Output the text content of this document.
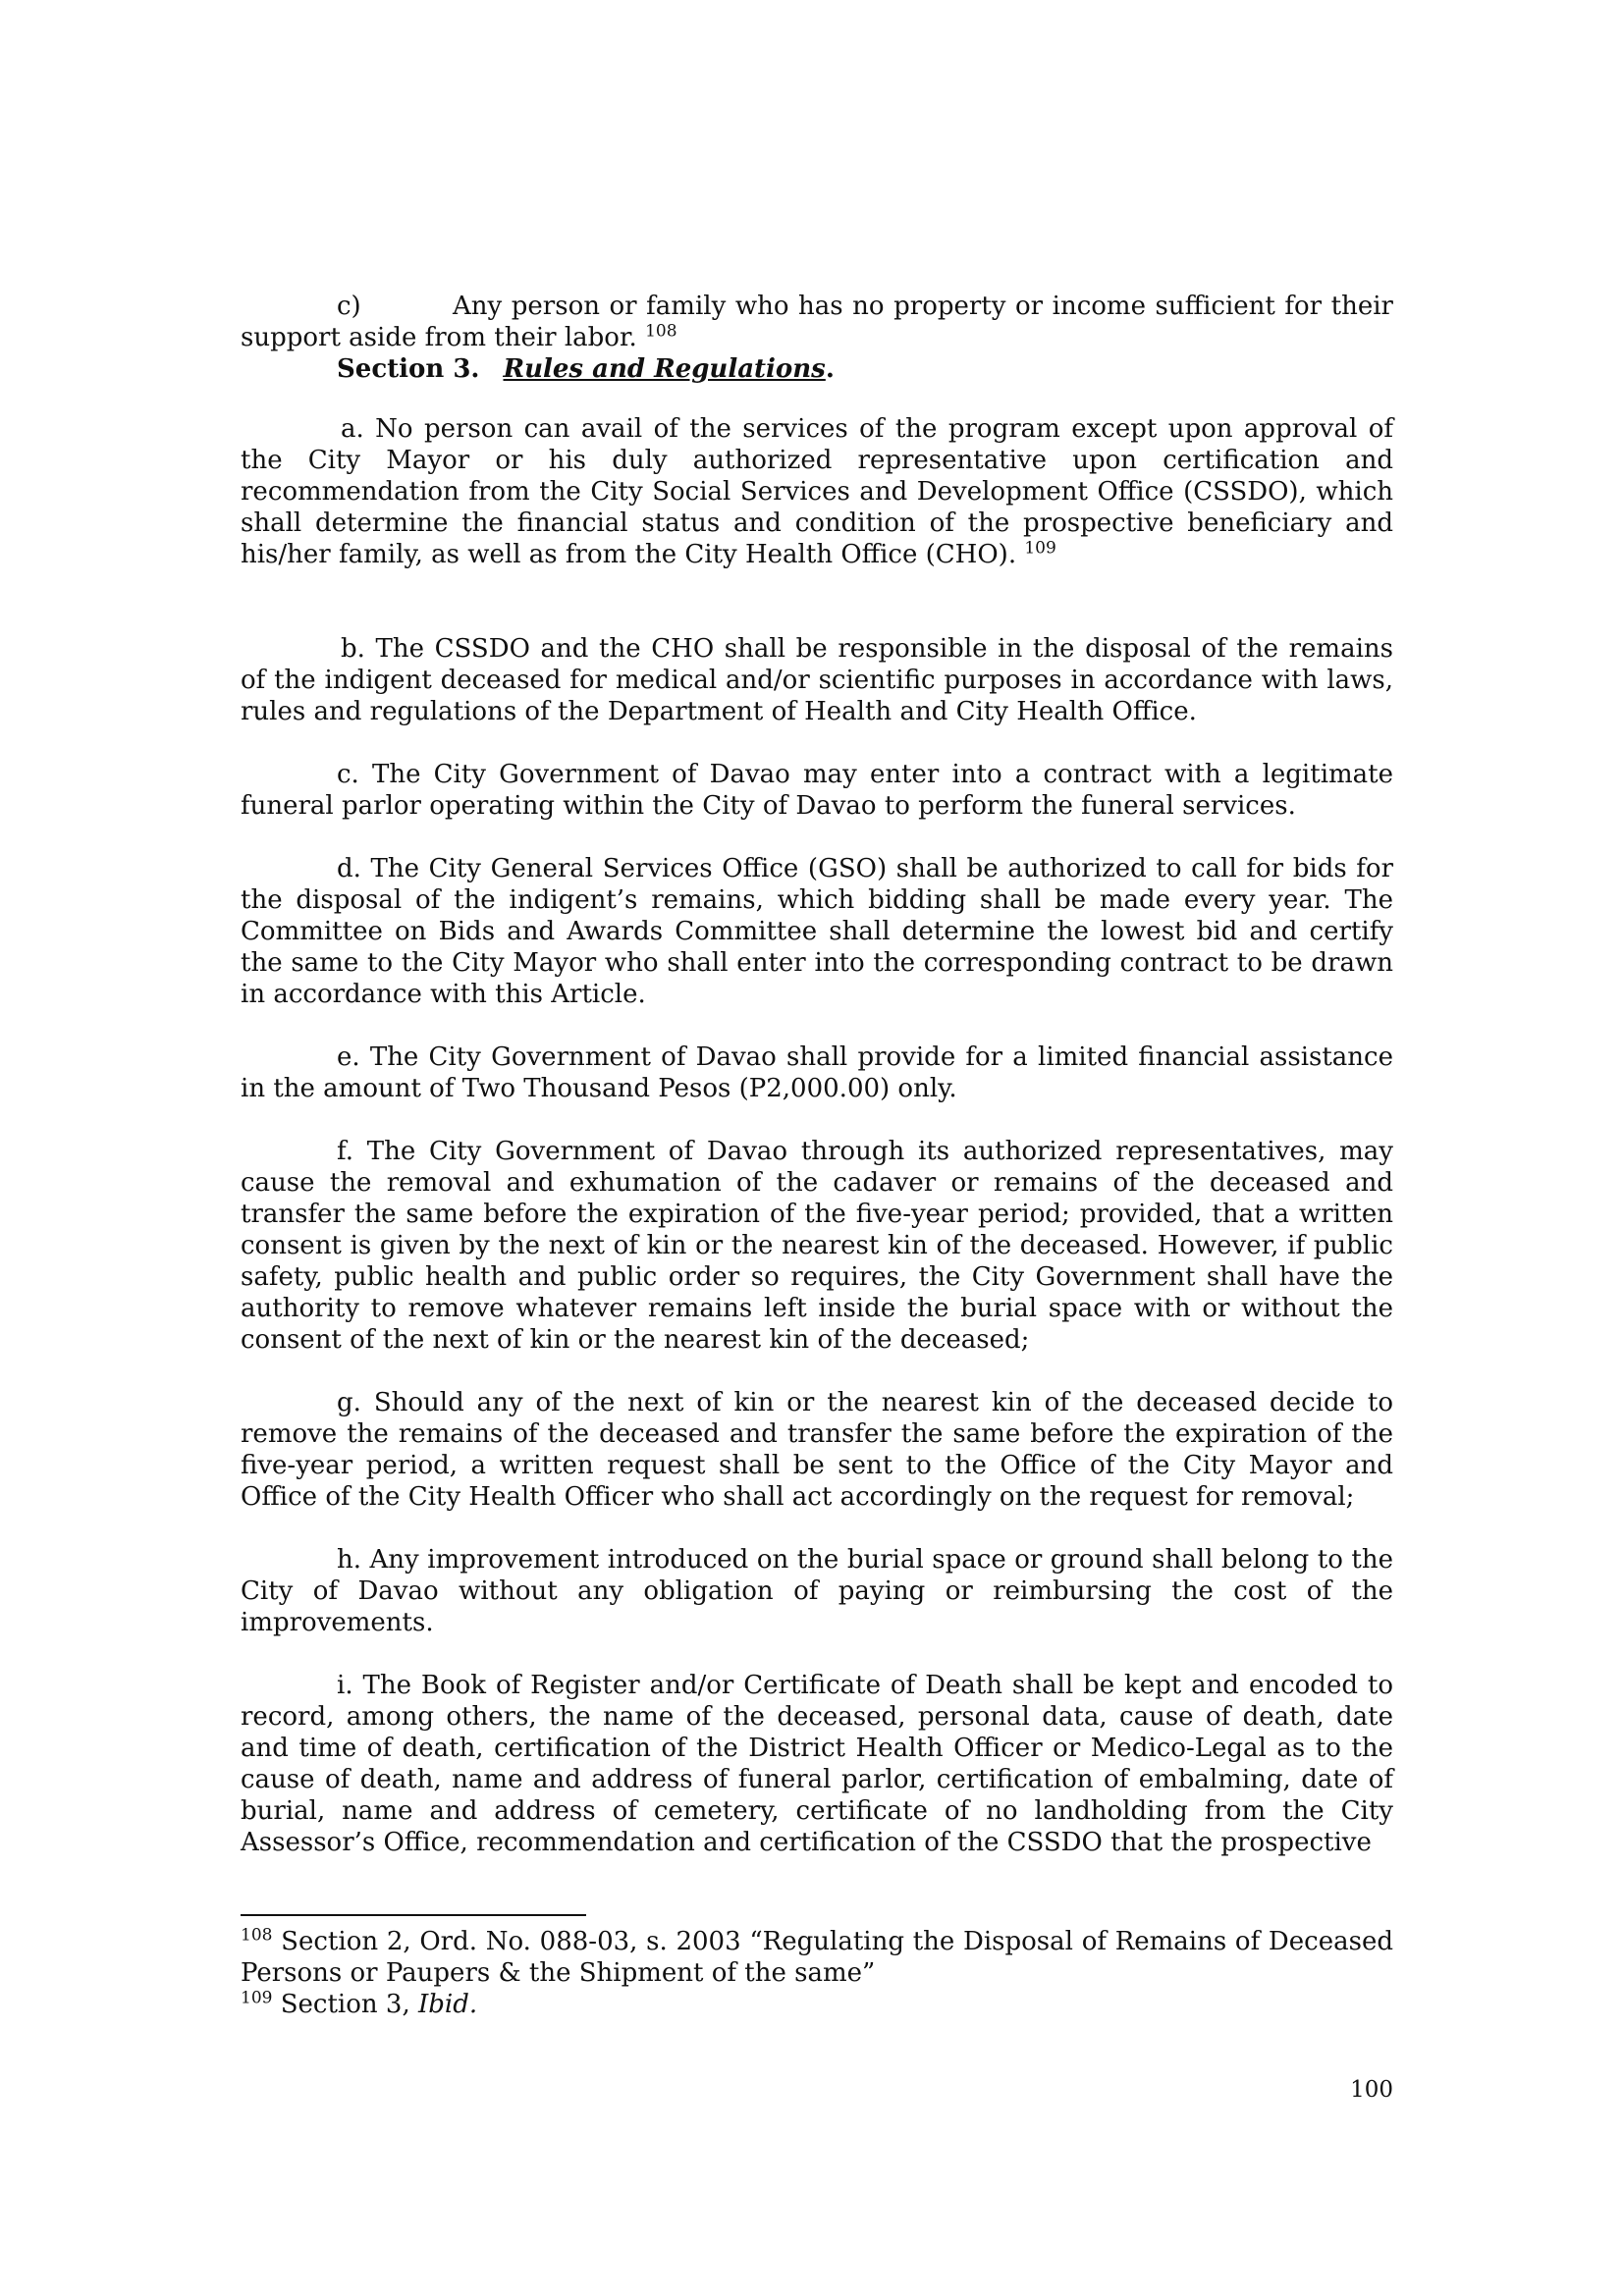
c)	Any person or family who has no property or income sufficient for their support aside from their labor. $^{108}$

Section 3. Rules and Regulations.

a. No person can avail of the services of the program except upon approval of the City Mayor or his duly authorized representative upon certification and recommendation from the City Social Services and Development Office (CSSDO), which shall determine the financial status and condition of the prospective beneficiary and his/her family, as well as from the City Health Office (CHO). $^{109}$

b. The CSSDO and the CHO shall be responsible in the disposal of the remains of the indigent deceased for medical and/or scientific purposes in accordance with laws, rules and regulations of the Department of Health and City Health Office.

c. The City Government of Davao may enter into a contract with a legitimate funeral parlor operating within the City of Davao to perform the funeral services.

d. The City General Services Office (GSO) shall be authorized to call for bids for the disposal of the indigent’s remains, which bidding shall be made every year. The Committee on Bids and Awards Committee shall determine the lowest bid and certify the same to the City Mayor who shall enter into the corresponding contract to be drawn in accordance with this Article.

e. The City Government of Davao shall provide for a limited financial assistance in the amount of Two Thousand Pesos (P2,000.00) only.

f. The City Government of Davao through its authorized representatives, may cause the removal and exhumation of the cadaver or remains of the deceased and transfer the same before the expiration of the five-year period; provided, that a written consent is given by the next of kin or the nearest kin of the deceased. However, if public safety, public health and public order so requires, the City Government shall have the authority to remove whatever remains left inside the burial space with or without the consent of the next of kin or the nearest kin of the deceased;

g. Should any of the next of kin or the nearest kin of the deceased decide to remove the remains of the deceased and transfer the same before the expiration of the five-year period, a written request shall be sent to the Office of the City Mayor and Office of the City Health Officer who shall act accordingly on the request for removal;

h. Any improvement introduced on the burial space or ground shall belong to the City of Davao without any obligation of paying or reimbursing the cost of the improvements.

i. The Book of Register and/or Certificate of Death shall be kept and encoded to record, among others, the name of the deceased, personal data, cause of death, date and time of death, certification of the District Health Officer or Medico-Legal as to the cause of death, name and address of funeral parlor, certification of embalming, date of burial, name and address of cemetery, certificate of no landholding from the City Assessor’s Office, recommendation and certification of the CSSDO that the prospective

$^{108}$ Section 2, Ord. No. 088-03, s. 2003 “Regulating the Disposal of Remains of Deceased Persons or Paupers & the Shipment of the same”

$^{109}$ Section 3, Ibid.

100
